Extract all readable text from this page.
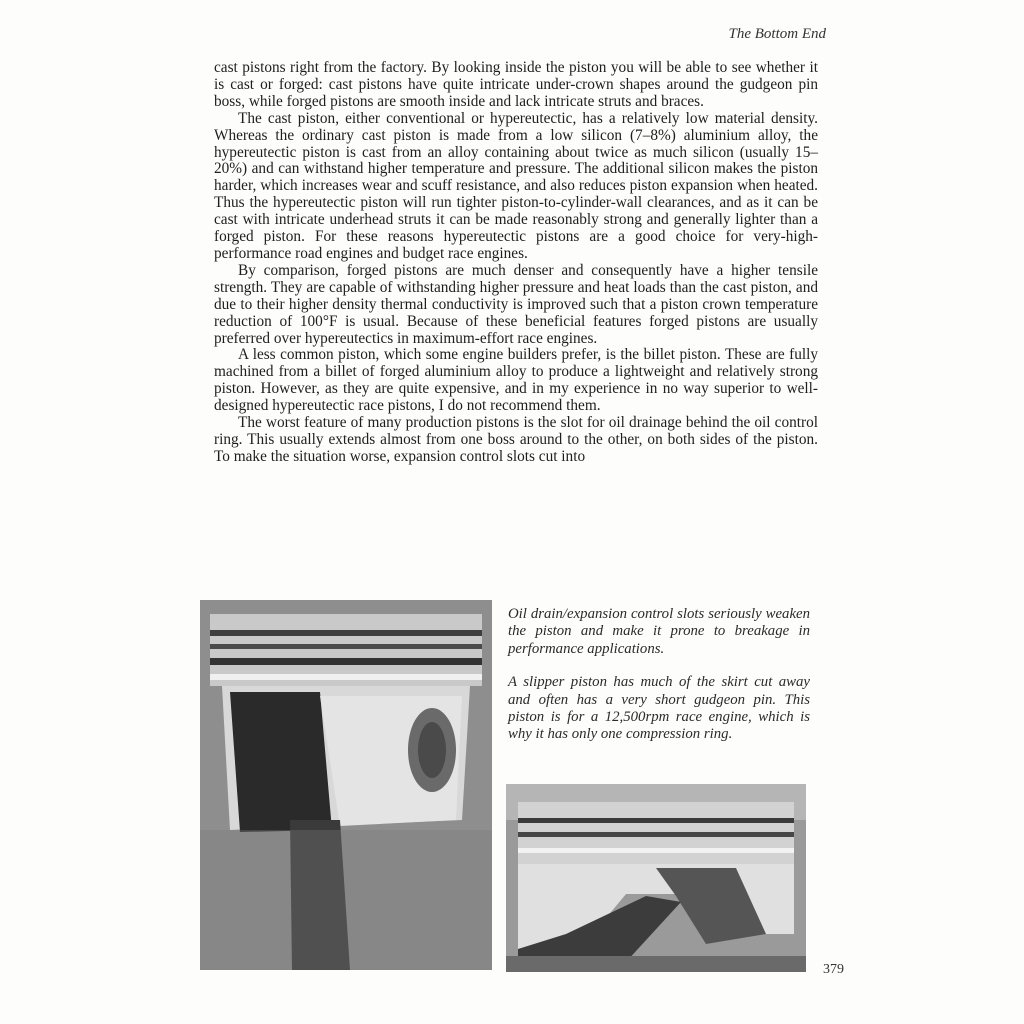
The Bottom End

cast pistons right from the factory. By looking inside the piston you will be able to see whether it is cast or forged: cast pistons have quite intricate under-crown shapes around the gudgeon pin boss, while forged pistons are smooth inside and lack intricate struts and braces.

The cast piston, either conventional or hypereutectic, has a relatively low material density. Whereas the ordinary cast piston is made from a low silicon (7–8%) aluminium alloy, the hypereutectic piston is cast from an alloy containing about twice as much silicon (usually 15–20%) and can withstand higher temperature and pressure. The additional silicon makes the piston harder, which increases wear and scuff resistance, and also reduces piston expansion when heated. Thus the hypereutectic piston will run tighter piston-to-cylinder-wall clearances, and as it can be cast with intricate underhead struts it can be made reasonably strong and generally lighter than a forged piston. For these reasons hypereutectic pistons are a good choice for very-high-performance road engines and budget race engines.

By comparison, forged pistons are much denser and consequently have a higher tensile strength. They are capable of withstanding higher pressure and heat loads than the cast piston, and due to their higher density thermal conductivity is improved such that a piston crown temperature reduction of 100°F is usual. Because of these beneficial features forged pistons are usually preferred over hypereutectics in maximum-effort race engines.

A less common piston, which some engine builders prefer, is the billet piston. These are fully machined from a billet of forged aluminium alloy to produce a lightweight and relatively strong piston. However, as they are quite expensive, and in my experience in no way superior to well-designed hypereutectic race pistons, I do not recommend them.

The worst feature of many production pistons is the slot for oil drainage behind the oil control ring. This usually extends almost from one boss around to the other, on both sides of the piston. To make the situation worse, expansion control slots cut into

Oil drain/expansion control slots seriously weaken the piston and make it prone to breakage in performance applications.

A slipper piston has much of the skirt cut away and often has a very short gudgeon pin. This piston is for a 12,500rpm race engine, which is why it has only one compression ring.

379
